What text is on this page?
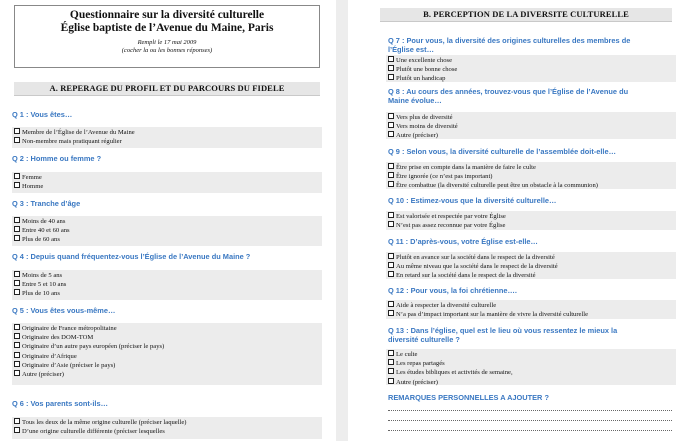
Questionnaire sur la diversité culturelle
Église baptiste de l’Avenue du Maine, Paris
Rempli le 17 mai 2009
(cocher la ou les bonnes réponses)
A. REPERAGE DU PROFIL ET DU PARCOURS DU FIDELE
Q 1 : Vous êtes…
Membre de l’Église de l’Avenue du Maine
Non-membre mais pratiquant régulier
Q 2 : Homme ou femme ?
Femme
Homme
Q 3 : Tranche d’âge
Moins de 40 ans
Entre 40 et 60 ans
Plus de 60 ans
Q 4 : Depuis quand fréquentez-vous l’Église de l’Avenue du Maine ?
Moins de 5 ans
Entre 5 et 10 ans
Plus de 10 ans
Q 5 : Vous êtes vous-même…
Originaire de France métropolitaine
Originaire des DOM-TOM
Originaire d’un autre pays européen (préciser le pays)
Originaire d’Afrique
Originaire d’Asie (préciser le pays)
Autre (préciser)
Q 6 : Vos parents sont-ils…
Tous les deux de la même origine culturelle (préciser laquelle)
D’une origine culturelle différente (préciser lesquelles
B. PERCEPTION DE LA DIVERSITE CULTURELLE
Q 7 : Pour vous, la diversité des origines culturelles des membres de
l’Église est…
Une excellente chose
Plutôt une bonne chose
Plutôt un handicap
Q 8 : Au cours des années, trouvez-vous que l’Église de l’Avenue du
Maine évolue…
Vers plus de diversité
Vers moins de diversité
Autre (préciser)
Q 9 : Selon vous, la diversité culturelle de l’assemblée doit-elle…
Être prise en compte dans la manière de faire le culte
Être ignorée (ce n’est pas important)
Être combattue (la diversité culturelle peut être un obstacle à la communion)
Q 10 : Estimez-vous que la diversité culturelle…
Est valorisée et respectée par votre Église
N’est pas assez reconnue par votre Église
Q 11 : D’après-vous, votre Église est-elle…
Plutôt en avance sur la société dans le respect de la diversité
Au même niveau que la société dans le respect de la diversité
En retard sur la société dans le respect de la diversité
Q 12 : Pour vous, la foi chrétienne….
Aide à respecter la diversité culturelle
N’a pas d’impact important sur la manière de vivre la diversité culturelle
Q 13 : Dans l’église, quel est le lieu où vous ressentez le mieux la
diversité culturelle ?
Le culte
Les repas partagés
Les études bibliques et activités de semaine,
Autre (préciser)
REMARQUES PERSONNELLES A AJOUTER ?
